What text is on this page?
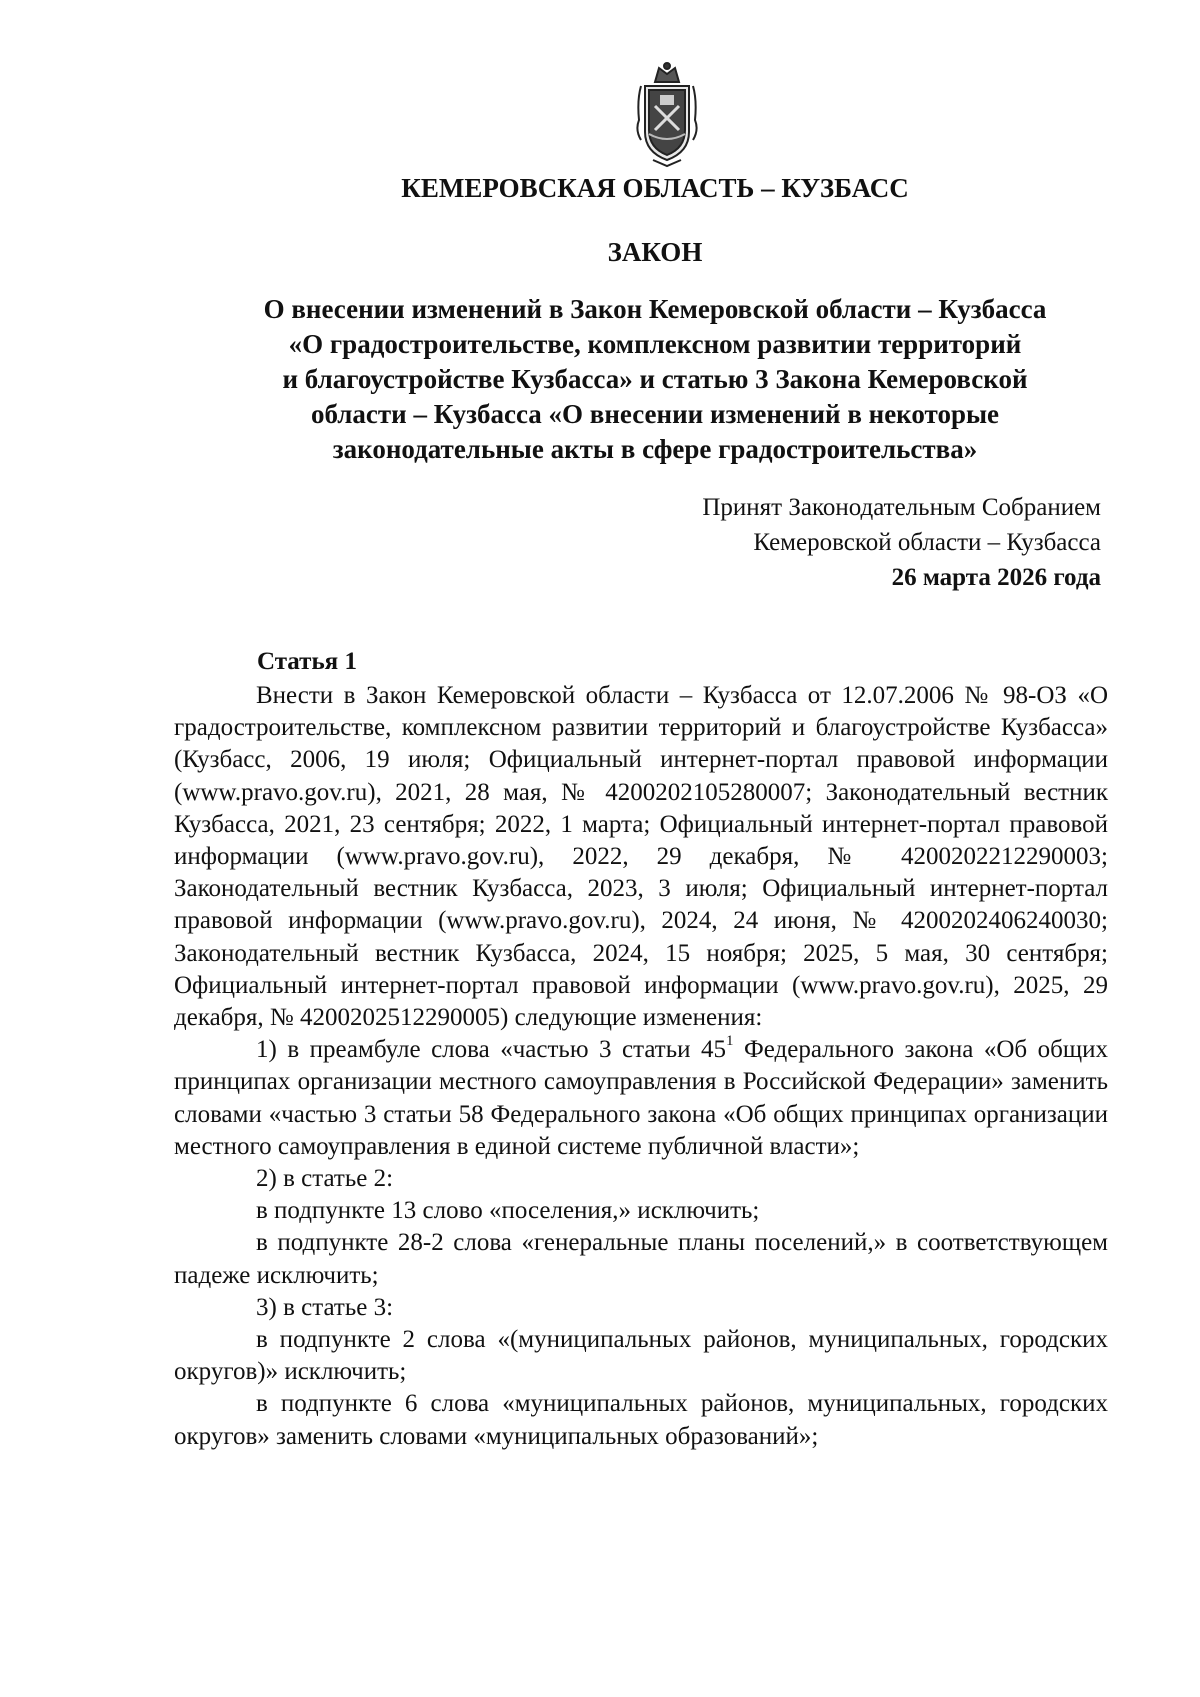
КЕМЕРОВСКАЯ ОБЛАСТЬ – КУЗБАСС
ЗАКОН
О внесении изменений в Закон Кемеровской области – Кузбасса
«О градостроительстве, комплексном развитии территорий
и благоустройстве Кузбасса» и статью 3 Закона Кемеровской
области – Кузбасса «О внесении изменений в некоторые
законодательные акты в сфере градостроительства»
Принят Законодательным Собранием
Кемеровской области – Кузбасса
26 марта 2026 года
Статья 1

Внести в Закон Кемеровской области – Кузбасса от 12.07.2006 № 98-ОЗ «О градостроительстве, комплексном развитии территорий и благоустройстве Кузбасса» (Кузбасс, 2006, 19 июля; Официальный интернет-портал правовой информации (www.pravo.gov.ru), 2021, 28 мая, № 4200202105280007; Законодательный вестник Кузбасса, 2021, 23 сентября; 2022, 1 марта; Официальный интернет-портал правовой информации (www.pravo.gov.ru), 2022, 29 декабря, № 4200202212290003; Законодательный вестник Кузбасса, 2023, 3 июля; Официальный интернет-портал правовой информации (www.pravo.gov.ru), 2024, 24 июня, № 4200202406240030; Законодательный вестник Кузбасса, 2024, 15 ноября; 2025, 5 мая, 30 сентября; Официальный интернет-портал правовой информации (www.pravo.gov.ru), 2025, 29 декабря, № 4200202512290005) следующие изменения:

1) в преамбуле слова «частью 3 статьи $45^1$ Федерального закона «Об общих принципах организации местного самоуправления в Российской Федерации» заменить словами «частью 3 статьи 58 Федерального закона «Об общих принципах организации местного самоуправления в единой системе публичной власти»;

2) в статье 2:

в подпункте 13 слово «поселения,» исключить;

в подпункте 28-2 слова «генеральные планы поселений,» в соответствующем падеже исключить;

3) в статье 3:

в подпункте 2 слова «(муниципальных районов, муниципальных, городских округов)» исключить;

в подпункте 6 слова «муниципальных районов, муниципальных, городских округов» заменить словами «муниципальных образований»;
